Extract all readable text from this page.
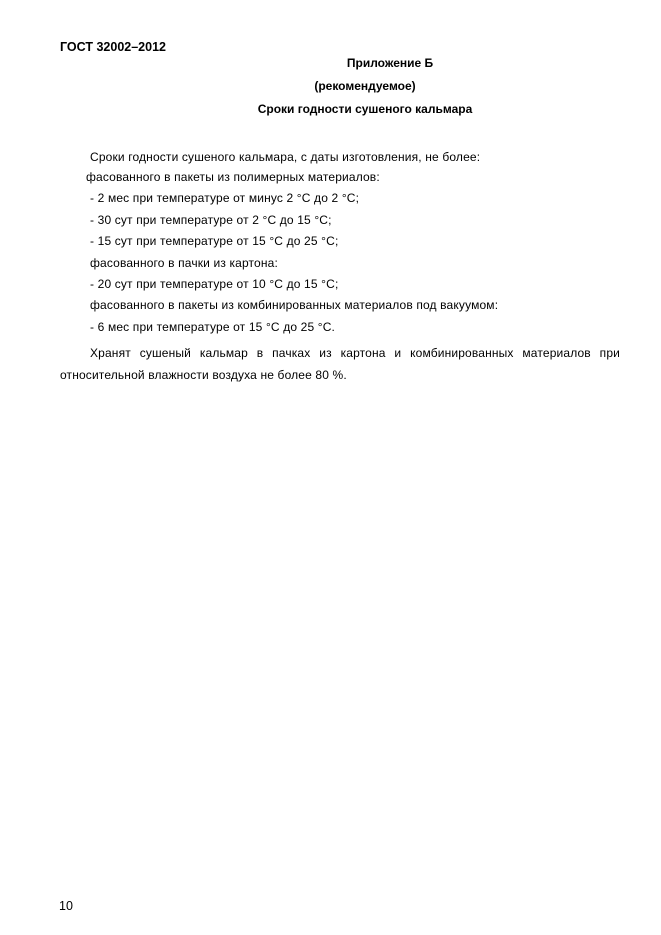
ГОСТ 32002–2012
Приложение Б
(рекомендуемое)
Сроки годности сушеного кальмара
Сроки годности сушеного кальмара, с даты изготовления, не более:
фасованного в пакеты из полимерных материалов:
- 2 мес при температуре от минус 2 °С до 2 °С;
- 30 сут при температуре от 2 °С до 15 °С;
- 15 сут при температуре от 15 °С до 25 °С;
фасованного в пачки из картона:
- 20 сут при температуре от 10 °С до 15 °С;
фасованного в пакеты из комбинированных материалов под вакуумом:
- 6 мес при температуре от 15 °С до 25 °С.
Хранят сушеный кальмар в пачках из картона и комбинированных материалов при относительной влажности воздуха не более 80 %.
10
